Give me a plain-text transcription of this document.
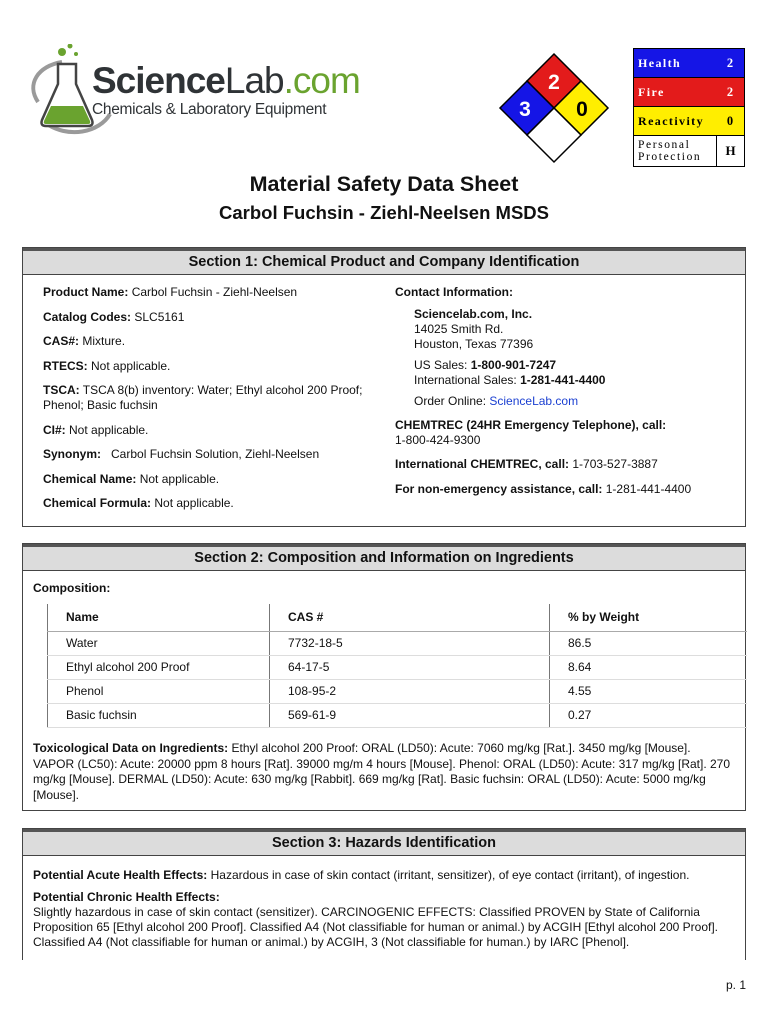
ScienceLab.com
Chemicals & Laboratory Equipment
2
3 0
Health	2
Fire	2
Reactivity	0
Personal
Protection	H
Material Safety Data Sheet
Carbol Fuchsin - Ziehl-Neelsen MSDS
Section 1: Chemical Product and Company Identification
Product Name: Carbol Fuchsin - Ziehl-Neelsen
Catalog Codes: SLC5161
CAS#: Mixture.
RTECS: Not applicable.
TSCA: TSCA 8(b) inventory: Water; Ethyl alcohol 200 Proof; Phenol; Basic fuchsin
CI#: Not applicable.
Synonym:   Carbol Fuchsin Solution, Ziehl-Neelsen
Chemical Name: Not applicable.
Chemical Formula: Not applicable.
Contact Information:
Sciencelab.com, Inc.
14025 Smith Rd.
Houston, Texas 77396
US Sales: 1-800-901-7247
International Sales: 1-281-441-4400
Order Online: ScienceLab.com
CHEMTREC (24HR Emergency Telephone), call:
1-800-424-9300
International CHEMTREC, call: 1-703-527-3887
For non-emergency assistance, call: 1-281-441-4400
Section 2: Composition and Information on Ingredients
Composition:
Name	CAS #	% by Weight
Water	7732-18-5	86.5
Ethyl alcohol 200 Proof	64-17-5	8.64
Phenol	108-95-2	4.55
Basic fuchsin	569-61-9	0.27
Toxicological Data on Ingredients: Ethyl alcohol 200 Proof: ORAL (LD50): Acute: 7060 mg/kg [Rat.]. 3450 mg/kg [Mouse]. VAPOR (LC50): Acute: 20000 ppm 8 hours [Rat]. 39000 mg/m 4 hours [Mouse]. Phenol: ORAL (LD50): Acute: 317 mg/kg [Rat]. 270 mg/kg [Mouse]. DERMAL (LD50): Acute: 630 mg/kg [Rabbit]. 669 mg/kg [Rat]. Basic fuchsin: ORAL (LD50): Acute: 5000 mg/kg [Mouse].
Section 3: Hazards Identification

Potential Acute Health Effects: Hazardous in case of skin contact (irritant, sensitizer), of eye contact (irritant), of ingestion.

Potential Chronic Health Effects:
Slightly hazardous in case of skin contact (sensitizer). CARCINOGENIC EFFECTS: Classified PROVEN by State of California Proposition 65 [Ethyl alcohol 200 Proof]. Classified A4 (Not classifiable for human or animal.) by ACGIH [Ethyl alcohol 200 Proof]. Classified A4 (Not classifiable for human or animal.) by ACGIH, 3 (Not classifiable for human.) by IARC [Phenol].
p. 1
